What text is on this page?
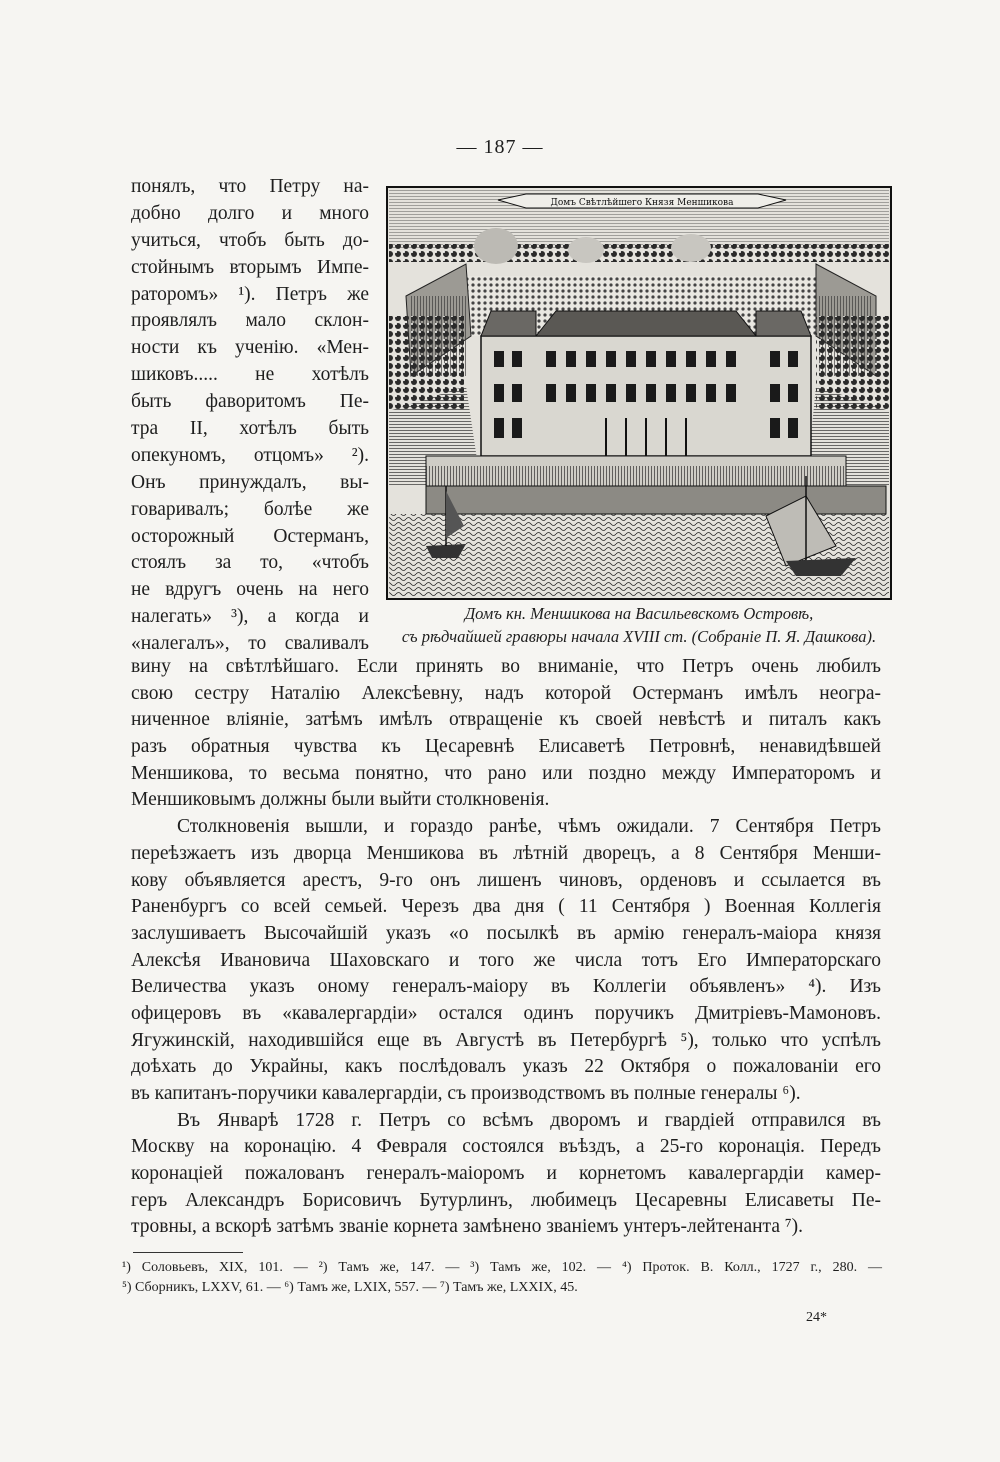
— 187 —
Домъ Свѣтлѣйшего Князя Меншикова
Домъ кн. Меншикова на Васильевскомъ Островѣ,
съ рѣдчайшей гравюры начала XVIII ст. (Собранiе П. Я. Дашкова).
понялъ, что Петру на-
добно долго и много
учиться, чтобъ быть до-
стойнымъ вторымъ Импе-
раторомъ» ¹). Петръ же
проявлялъ мало склон-
ности къ ученiю. «Мен-
шиковъ..... не хотѣлъ
быть фаворитомъ Пе-
тра II, хотѣлъ быть
опекуномъ, отцомъ» ²).
Онъ принуждалъ, вы-
говаривалъ; болѣе же
осторожный Остерманъ,
стоялъ за то, «чтобъ
не вдругъ очень на него
налегать» ³), а когда и
«налегалъ», то сваливалъ
вину на свѣтлѣйшаго. Если принять во вниманiе, что Петръ очень любилъ
свою сестру Наталiю Алексѣевну, надъ которой Остерманъ имѣлъ неогра-
ниченное влiянiе, затѣмъ имѣлъ отвращенiе къ своей невѣстѣ и питалъ какъ
разъ обратныя чувства къ Цесаревнѣ Елисаветѣ Петровнѣ, ненавидѣвшей
Меншикова, то весьма понятно, что рано или поздно между Императоромъ и
Меншиковымъ должны были выйти столкновенiя.
Столкновенiя вышли, и гораздо ранѣе, чѣмъ ожидали. 7 Сентября Петръ
переѣзжаетъ изъ дворца Меншикова въ лѣтнiй дворецъ, а 8 Сентября Менши-
кову объявляется арестъ, 9-го онъ лишенъ чиновъ, орденовъ и ссылается въ
Раненбургъ со всей семьей. Черезъ два дня ( 11 Сентября ) Военная Коллегiя
заслушиваетъ Высочайшiй указъ «о посылкѣ въ армiю генералъ-маiора князя
Алексѣя Ивановича Шаховскаго и того же числа тотъ Его Императорскаго
Величества указъ оному генералъ-маiору въ Коллегiи объявленъ» ⁴). Изъ
офицеровъ въ «кавалергардiи» остался одинъ поручикъ Дмитрiевъ-Мамоновъ.
Ягужинскiй, находившiйся еще въ Августѣ въ Петербургѣ ⁵), только что успѣлъ
доѣхать до Украйны, какъ послѣдовалъ указъ 22 Октября о пожалованiи его
въ капитанъ-поручики кавалергардiи, съ производствомъ въ полные генералы ⁶).
Въ Январѣ 1728 г. Петръ со всѣмъ дворомъ и гвардiей отправился въ
Москву на коронацiю. 4 Февраля состоялся въѣздъ, а 25-го коронацiя. Передъ
коронацiей пожалованъ генералъ-маiоромъ и корнетомъ кавалергардiи камер-
геръ Александръ Борисовичъ Бутурлинъ, любимецъ Цесаревны Елисаветы Пе-
тровны, а вскорѣ затѣмъ званiе корнета замѣнено званiемъ унтеръ-лейтенанта ⁷).
¹) Соловьевъ, XIX, 101. — ²) Тамъ же, 147. — ³) Тамъ же, 102. — ⁴) Проток. В. Колл., 1727 г., 280. —
⁵) Сборникъ, LXXV, 61. — ⁶) Тамъ же, LXIX, 557. — ⁷) Тамъ же, LXXIX, 45.
24*
